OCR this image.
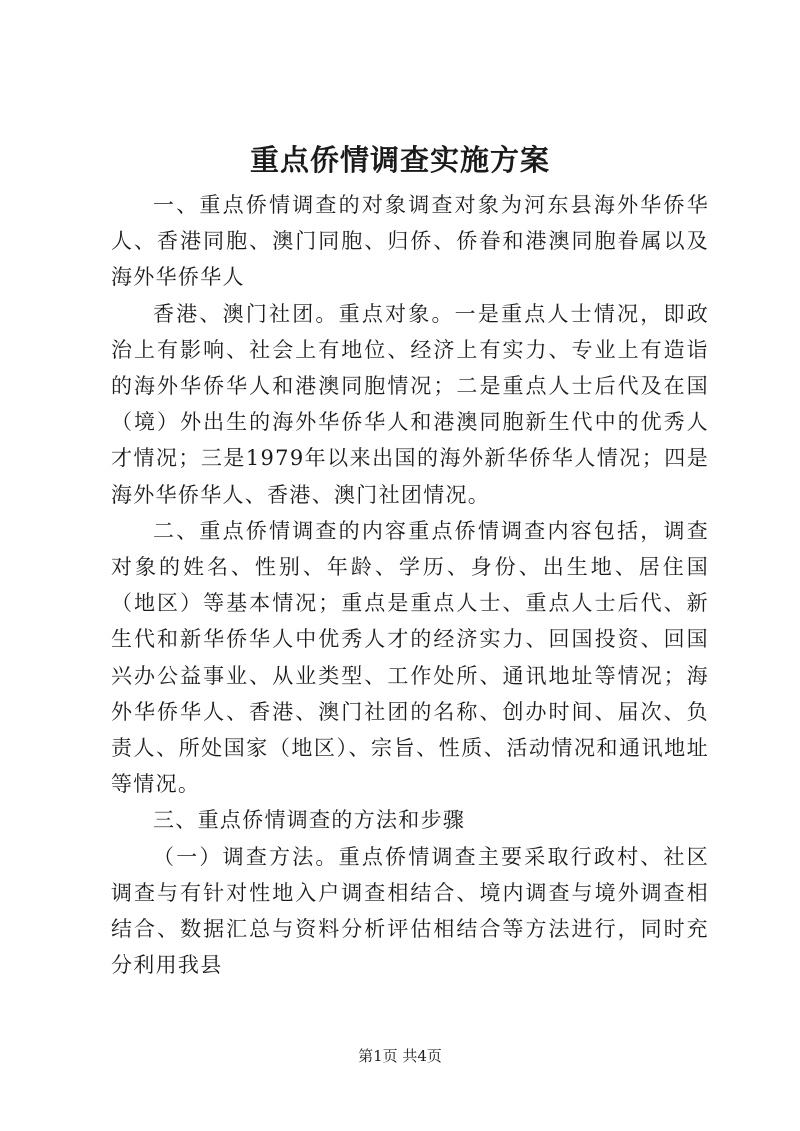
重点侨情调查实施方案

一、重点侨情调查的对象调查对象为河东县海外华侨华人、香港同胞、澳门同胞、归侨、侨眷和港澳同胞眷属以及海外华侨华人

香港、澳门社团。重点对象。一是重点人士情况，即政治上有影响、社会上有地位、经济上有实力、专业上有造诣的海外华侨华人和港澳同胞情况；二是重点人士后代及在国（境）外出生的海外华侨华人和港澳同胞新生代中的优秀人才情况；三是1979年以来出国的海外新华侨华人情况；四是海外华侨华人、香港、澳门社团情况。

二、重点侨情调查的内容重点侨情调查内容包括，调查对象的姓名、性别、年龄、学历、身份、出生地、居住国（地区）等基本情况；重点是重点人士、重点人士后代、新生代和新华侨华人中优秀人才的经济实力、回国投资、回国兴办公益事业、从业类型、工作处所、通讯地址等情况；海外华侨华人、香港、澳门社团的名称、创办时间、届次、负责人、所处国家（地区）、宗旨、性质、活动情况和通讯地址等情况。

三、重点侨情调查的方法和步骤

（一）调查方法。重点侨情调查主要采取行政村、社区调查与有针对性地入户调查相结合、境内调查与境外调查相结合、数据汇总与资料分析评估相结合等方法进行，同时充分利用我县

第1页 共4页
